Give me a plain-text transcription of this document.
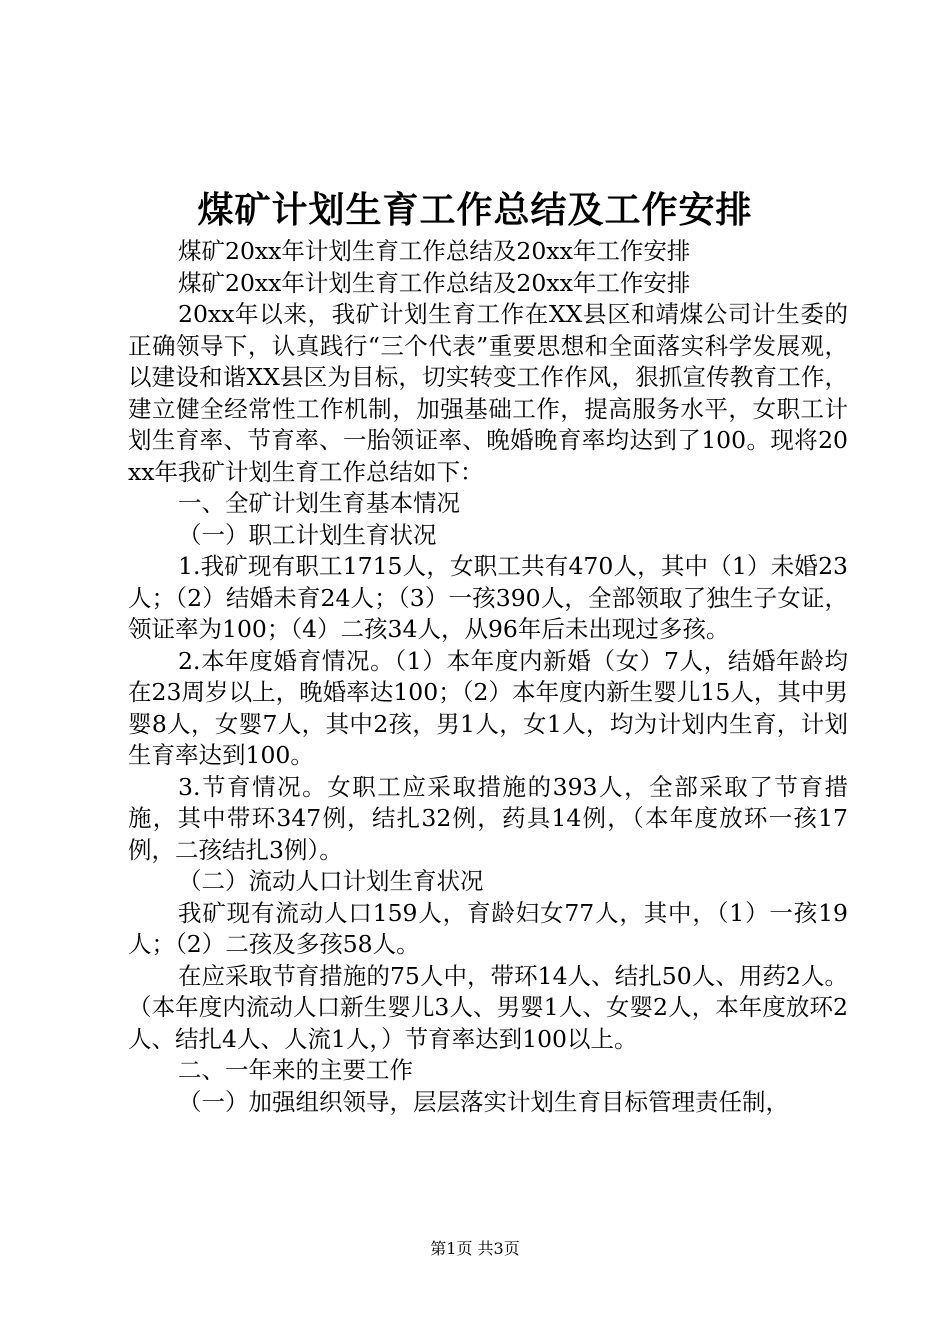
煤矿计划生育工作总结及工作安排

煤矿20xx年计划生育工作总结及20xx年工作安排

煤矿20xx年计划生育工作总结及20xx年工作安排

20xx年以来，我矿计划生育工作在XX县区和靖煤公司计生委的正确领导下，认真践行“三个代表”重要思想和全面落实科学发展观，以建设和谐XX县区为目标，切实转变工作作风，狠抓宣传教育工作，建立健全经常性工作机制，加强基础工作，提高服务水平，女职工计划生育率、节育率、一胎领证率、晚婚晚育率均达到了100。现将20xx年我矿计划生育工作总结如下：

一、全矿计划生育基本情况

（一）职工计划生育状况

1.我矿现有职工1715人，女职工共有470人，其中（1）未婚23人；（2）结婚未育24人；（3）一孩390人，全部领取了独生子女证，领证率为100；（4）二孩34人，从96年后未出现过多孩。

2.本年度婚育情况。（1）本年度内新婚（女）7人，结婚年龄均在23周岁以上，晚婚率达100；（2）本年度内新生婴儿15人，其中男婴8人，女婴7人，其中2孩，男1人，女1人，均为计划内生育，计划生育率达到100。

3.节育情况。女职工应采取措施的393人，全部采取了节育措施，其中带环347例，结扎32例，药具14例，（本年度放环一孩17例，二孩结扎3例）。

（二）流动人口计划生育状况

我矿现有流动人口159人，育龄妇女77人，其中，（1）一孩19人；（2）二孩及多孩58人。

在应采取节育措施的75人中，带环14人、结扎50人、用药2人。（本年度内流动人口新生婴儿3人、男婴1人、女婴2人，本年度放环2人、结扎4人、人流1人，）节育率达到100以上。

二、一年来的主要工作

（一）加强组织领导，层层落实计划生育目标管理责任制，

第1页 共3页
